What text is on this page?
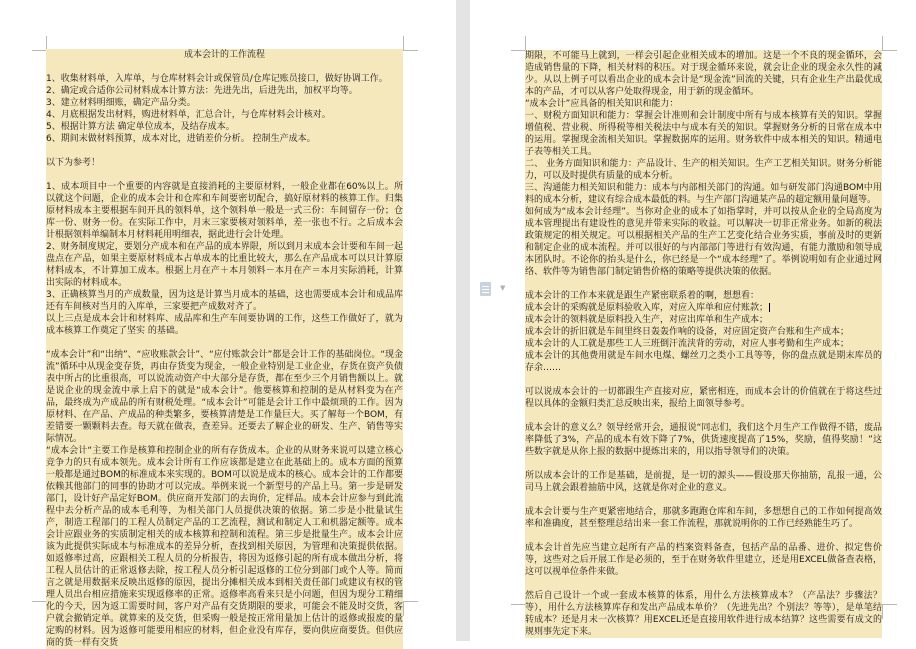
成本会计的工作流程

1、收集材料单，入库单，与仓库材料会计或保管员/仓库记账员接口，做好协调工作。

2、确定或合适你公司材料成本计算方法：先进先出，后进先出，加权平均等。

3、建立材料明细账，确定产品分类。

4、月底根据发出材料，购进材料单，汇总合计，与仓库材料会计核对。

5、根据计算方法 确定单位成本，及结存成本。

6、期间末做材料预算，成本对比，进销差价分析。 控制生产成本。

以下为参考！

1、成本项目中一个重要的内容就是直接消耗的主要原材料，一般企业都在60%以上。所以就这个问题，企业的成本会计和仓库和车间要密切配合，搞好原材料的核算工作。归集原材料成本主要根据车间开具的领料单，这个领料单一般是一式三份：车间留存一份；仓库一份、财务一份。在实际工作中，月末三家要核对领料单，差一张也不行。之后成本会计根据领料单编制本月材料耗用明细表，据此进行会计处理。

2、财务制度规定，要划分产成本和在产品的成本界限，所以到月末成本会计要和车间一起盘点在产品，如果主要原材料成本占单成本的比重比较大，那么在产品成本可以只计算原材料成本，不计算加工成本。根据上月在产＋本月领料－本月在产＝本月实际消耗，计算出实际的材料成本。

3、正确核算当月的产成数量，因为这是计算当月成本的基础，这也需要成本会计和成品库还有车间核对当月的入库单，三家要把产成数对齐了。

以上三点是成本会计和材料库、成品库和生产车间要协调的工作，这些工作做好了，就为成本核算工作奠定了坚实 的基础。

“成本会计”和“出纳”、“应收账款会计”、“应付账款会计”都是会计工作的基础岗位。“现金流”循环中从现金变存货，再由存货变为现金，一般企业特别是工业企业，存货在资产负债表中所占的比重很高，可以说流动资产中大部分是存货，都在至少三个月销售额以上。就是说企业的现金流中承上启下的就是“成本会计”。他要核算和控制的是从材料变为在产品，最终成为产成品的所有财税处理。“成本会计”可能是会计工作中最烦琐的工作。因为原材料、在产品、产成品的种类繁多，要核算清楚是工作量巨大。买了解每一个BOM，有差错要一颗颗料去查。每天就在做表，查差异。还要去了解企业的研发、生产、销售等实际情况。

“成本会计“主要工作是核算和控制企业的所有存货成本。企业的从财务来说可以建立核心竞争力的只有成本领先。成本会计所有工作应该都是建立在此基础上的。成本方面的预算一般都是通过BOM的标准成本来实现的。BOM可以说是成本的核心。成本会计的工作都要依赖其他部门的同事的协助才可以完成。举例来说一个新型号的产品上马。第一步是研发部门，设计好产品定好BOM。供应商开发部门的去询价，定样品。成本会计应参与到此流程中去分析产品的成本毛利等，为相关部门人员提供决策的依据。第二步是小批量试生产，制造工程部门的工程人员制定产品的工艺流程，测试和制定人工和机器定额等。成本会计应跟业务的实质制定相关的成本核算和控制和流程。第三步是批量生产。成本会计应该为此提供实际成本与标准成本的差异分析，查找到相关原因，为管理和决策提供依据。如返修率过高，应跟相关工程人员的分析报告，将因为返修引起的所有成本做出分析，将工程人员估计的正常返修去除，按工程人员分析引起返修的工位分到部门或个人等。简而言之就是用数据来反映出返修的原因，提出分摊相关成本到相关责任部门或建议有权的管理人员出台相应措施来实现返修率的正常。返修率高看来只是小问题，但因为现分工精细化的今天，因为返工需要时间，客户对产品有交货期限的要求，可能会不能及时交货，客户就会撤销定单。就算来的及交货，但采购一般是按正常用量加上估计的返修或报废的量定购的材料。因为返修可能要用相应的材料，但企业没有库存，要向供应商要货。但供应商的货一样有交货

期限，不可能马上就到，一样会引起企业相关成本的增加。这是一个不良的现金循环，会造成销售量的下降，相关材料的积压。对于现金循环来说，就会让企业的现金永久性的减少。从以上例子可以看出企业的成本会计是“现金流”回流的关键，只有企业生产出最优成本的产品，才可以从客户处取得现金，用于新的现金循环。

“成本会计”应具备的相关知识和能力：

一、财税方面知识和能力：掌握会计准则和会计制度中所有与成本核算有关的知识。掌握增值税、营业税、所得税等相关税法中与成本有关的知识。掌握财务分析的日常在成本中的运用。掌握现金流相关知识。掌握数据库的运用。财务软件中成本相关的知识。精通电子表等相关工具。

二、 业务方面知识和能力：产品设计、生产的相关知识。生产工艺相关知识。财务分析能力，可以及时提供有质量的成本分析。

三、沟通能力相关知识和能力：成本与内部相关部门的沟通。如与研发部门沟通BOM中用料的成本分析，建议有综合成本最低的料。与生产部门沟通某产品的超定额用量问题等。

如何成为“成本会计经理”。当你对企业的成本了如指掌时，并可以按从企业的全局高度为成本管理提出有建设性的意见并带来实际的收益。可以解决一切非正常业务。如新的税法政策规定的相关规定。可以根据相关产品的生产工艺变化结合业务实质，事前及时的更新和制定企业的成本流程。并可以很好的与内部部门等进行有效沟通，有能力激励和领导成本团队时。不论你的抬头是什么，你已经是一个“成本经理”了。举例说明如有企业通过网络、软件等为销售部门制定销售价格的策略等提供决策的依据。

成本会计的工作本来就是跟生产紧密联系着的啊，想想看：

成本会计的采购就是原料验收入库，对应入库单和应付账款；

成本会计的领料就是原料投入生产，对应出库单和生产成本；

成本会计的折旧就是车间里终日轰轰作响的设备，对应固定资产台账和生产成本；

成本会计的人工就是那些工人三班倒汗流浃背的劳动，对应人事考勤和生产成本；

成本会计的其他费用就是车间水电煤、螺丝刀之类小工具等等，你的盘点就是期末库员的存余……

可以说成本会计的一切都跟生产直接对应，紧密相连，而成本会计的价值就在于将这些过程以具体的金额归类汇总反映出来，报给上面领导参考。

成本会计的意义么？领导经常开会，通报说“同志们，我们这个月生产工作做得不错，废品率降低了3%，产品的成本有效下降了7%，供货速度提高了15%，奖励，值得奖励！”这些数字就是从你上报的数据中提炼出来的，用以指导领导们的决策。

所以成本会计的工作是基础，是前提，是一切的源头——假设那天你抽筋，乱报一通，公司马上就会跟着抽筋中风，这就是你对企业的意义。

成本会计要与生产更紧密地结合，那就多跑跑仓库和车间，多想想自己的工作如何提高效率和准确度，甚至整理总结出来一套工作流程，那就说明你的工作已经熟能生巧了。

成本会计首先应当建立起所有产品的档案资料备查，包括产品的品番、进价、拟定售价等，这些对之后开展工作是必须的，至于在财务软件里建立，还是用EXCEL做备查表格，这可以视单位条件来做。

然后自己设计一个或一套成本核算的体系，用什么方法核算成本？（产品法？步骤法？等），用什么方法核算库存和发出产品成本单价？（先进先出？个别法？等等），是单笔结转成本？还是月末一次核算？用EXCEL还是直接用软件进行成本结算？这些需要有成文的规则事先定下来。

▼
